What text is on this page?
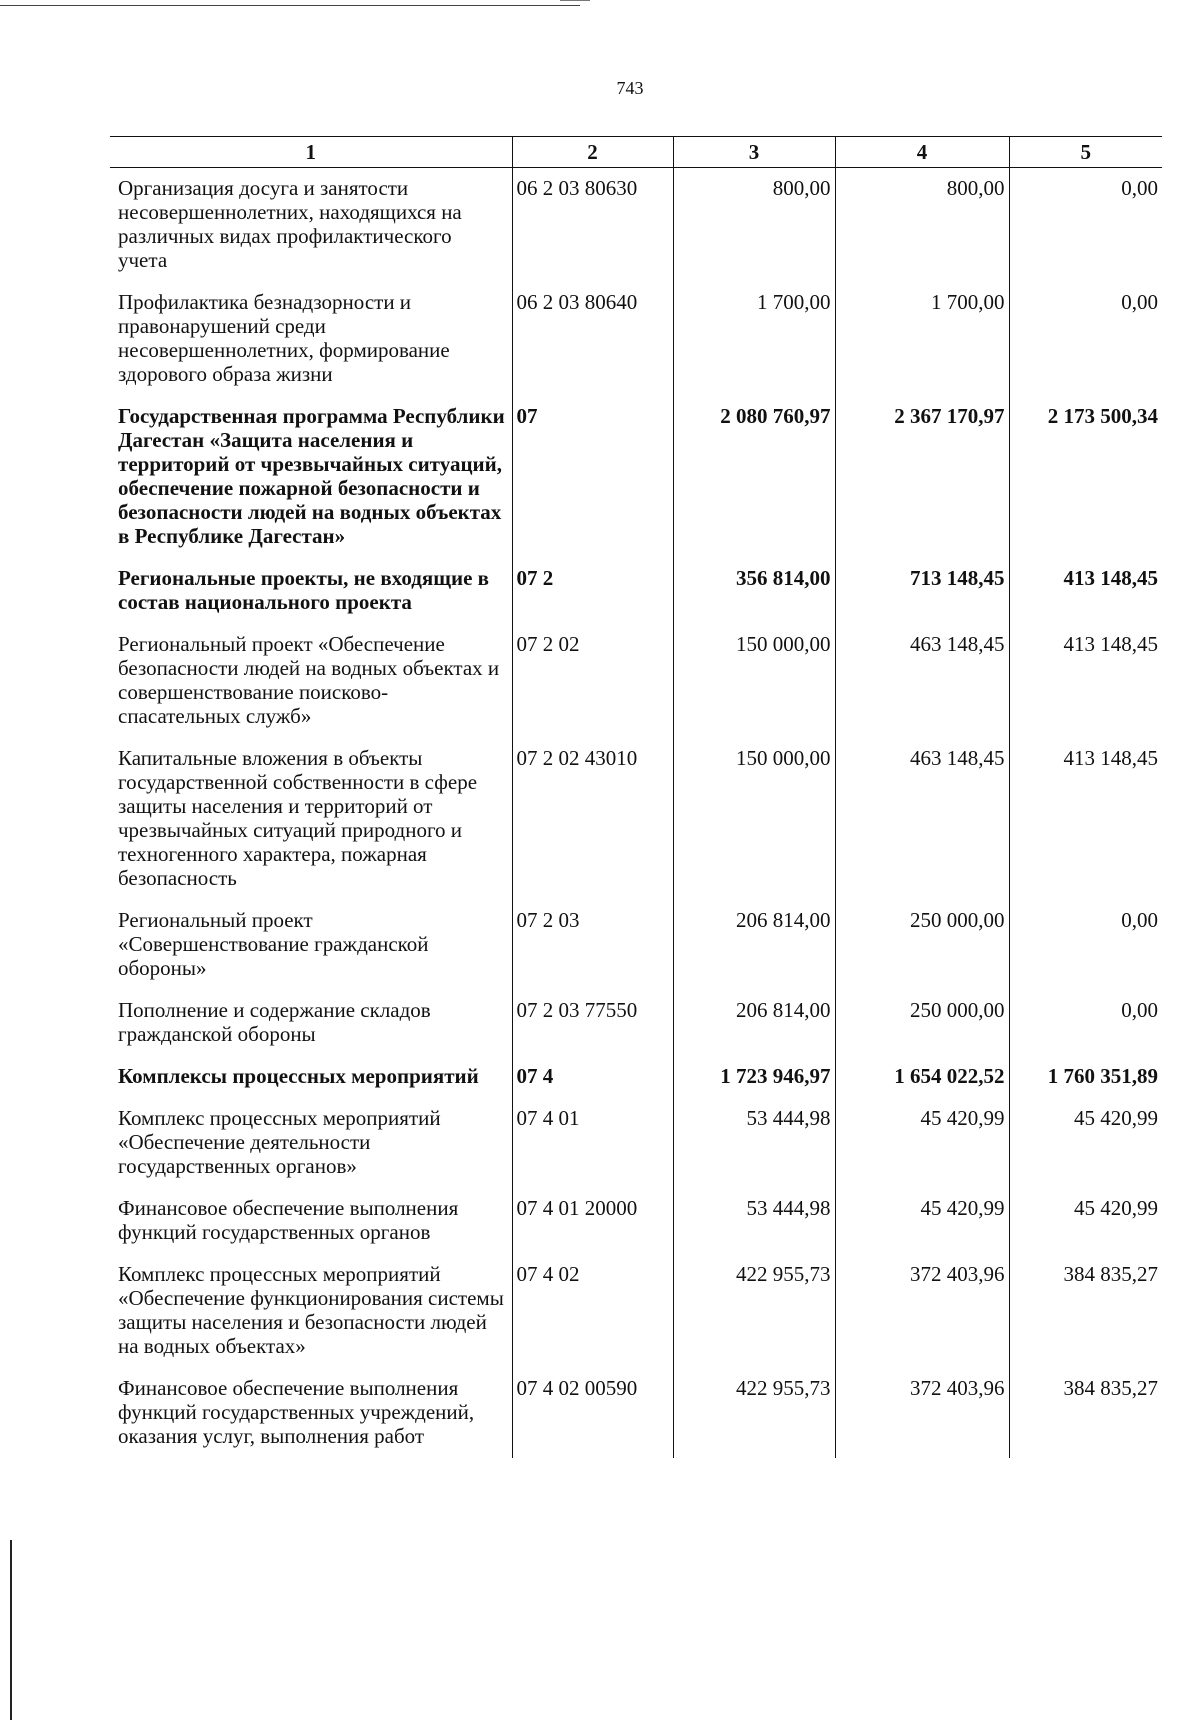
743
1	2	3	4	5
Организация досуга и занятости несовершеннолетних, находящихся на различных видах профилактического учета	06 2 03 80630	800,00	800,00	0,00
Профилактика безнадзорности и правонарушений среди несовершеннолетних, формирование здорового образа жизни	06 2 03 80640	1 700,00	1 700,00	0,00
Государственная программа Республики Дагестан «Защита населения и территорий от чрезвычайных ситуаций, обеспечение пожарной безопасности и безопасности людей на водных объектах в Республике Дагестан»	07	2 080 760,97	2 367 170,97	2 173 500,34
Региональные проекты, не входящие в состав национального проекта	07 2	356 814,00	713 148,45	413 148,45
Региональный проект «Обеспечение безопасности людей на водных объектах и совершенствование поисково-спасательных служб»	07 2 02	150 000,00	463 148,45	413 148,45
Капитальные вложения в объекты государственной собственности в сфере защиты населения и территорий от чрезвычайных ситуаций природного и техногенного характера, пожарная безопасность	07 2 02 43010	150 000,00	463 148,45	413 148,45
Региональный проект «Совершенствование гражданской обороны»	07 2 03	206 814,00	250 000,00	0,00
Пополнение и содержание складов гражданской обороны	07 2 03 77550	206 814,00	250 000,00	0,00
Комплексы процессных мероприятий	07 4	1 723 946,97	1 654 022,52	1 760 351,89
Комплекс процессных мероприятий «Обеспечение деятельности государственных органов»	07 4 01	53 444,98	45 420,99	45 420,99
Финансовое обеспечение выполнения функций государственных органов	07 4 01 20000	53 444,98	45 420,99	45 420,99
Комплекс процессных мероприятий «Обеспечение функционирования системы защиты населения и безопасности людей на водных объектах»	07 4 02	422 955,73	372 403,96	384 835,27
Финансовое обеспечение выполнения функций государственных учреждений, оказания услуг, выполнения работ	07 4 02 00590	422 955,73	372 403,96	384 835,27
